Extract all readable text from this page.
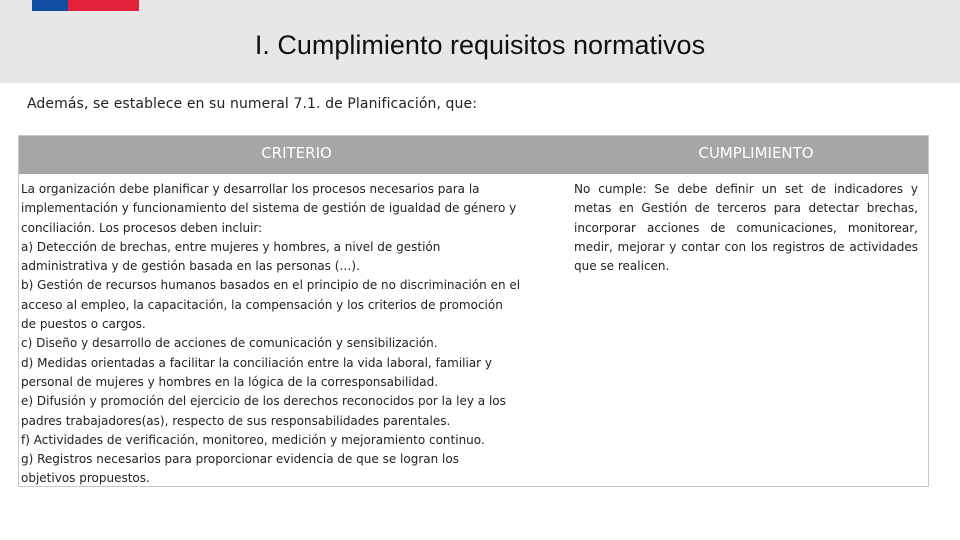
I. Cumplimiento requisitos normativos
Además, se establece en su numeral 7.1. de Planificación, que:
CRITERIO	CUMPLIMIENTO

La organización debe planificar y desarrollar los procesos necesarios para la

implementación y funcionamiento del sistema de gestión de igualdad de género y

conciliación. Los procesos deben incluir:

a) Detección de brechas, entre mujeres y hombres, a nivel de gestión

administrativa y de gestión basada en las personas (…).

b) Gestión de recursos humanos basados en el principio de no discriminación en el

acceso al empleo, la capacitación, la compensación y los criterios de promoción

de puestos o cargos.

c) Diseño y desarrollo de acciones de comunicación y sensibilización.

d) Medidas orientadas a facilitar la conciliación entre la vida laboral, familiar y

personal de mujeres y hombres en la lógica de la corresponsabilidad.

e) Difusión y promoción del ejercicio de los derechos reconocidos por la ley a los

padres trabajadores(as), respecto de sus responsabilidades parentales.

f) Actividades de verificación, monitoreo, medición y mejoramiento continuo.

g) Registros necesarios para proporcionar evidencia de que se logran los

objetivos propuestos.

No cumple: Se debe definir un set de indicadores y metas en Gestión de terceros para detectar brechas, incorporar acciones de comunicaciones, monitorear, medir, mejorar y contar con los registros de actividades que se realicen.
